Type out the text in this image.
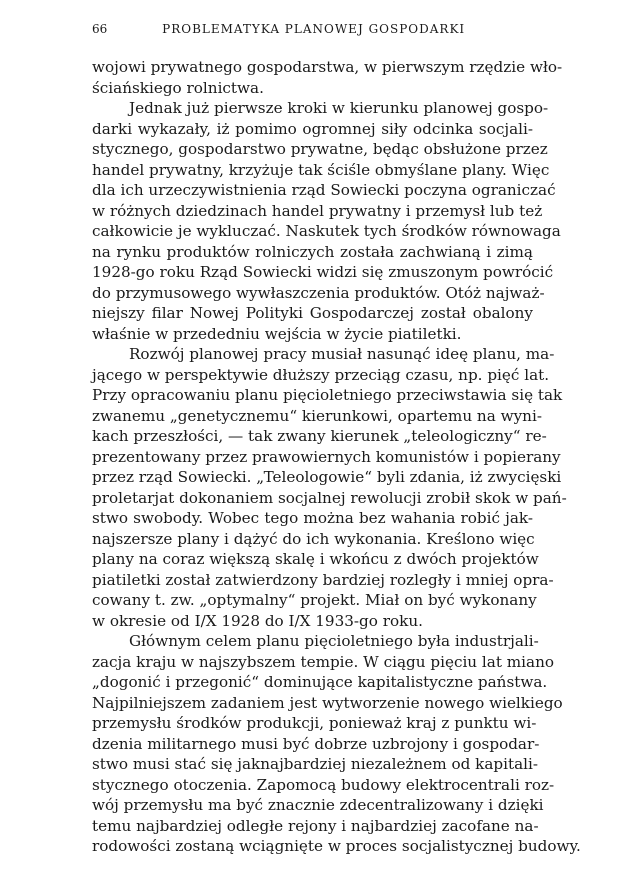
66	PROBLEMATYKA PLANOWEJ GOSPODARKI
wojowi prywatnego gospodarstwa, w pierwszym rzędzie wło-
ściańskiego rolnictwa.
Jednak już pierwsze kroki w kierunku planowej gospo-
darki wykazały, iż pomimo ogromnej siły odcinka socjali-
stycznego, gospodarstwo prywatne, będąc obsłużone przez
handel prywatny, krzyżuje tak ściśle obmyślane plany. Więc
dla ich urzeczywistnienia rząd Sowiecki poczyna ograniczać
w różnych dziedzinach handel prywatny i przemysł lub też
całkowicie je wykluczać. Naskutek tych środków równowaga
na rynku produktów rolniczych została zachwianą i zimą
1928-go roku Rząd Sowiecki widzi się zmuszonym powrócić
do przymusowego wywłaszczenia produktów. Otóż najważ-
niejszy filar Nowej Polityki Gospodarczej został obalony
właśnie w przededniu wejścia w życie piatiletki.
Rozwój planowej pracy musiał nasunąć ideę planu, ma-
jącego w perspektywie dłuższy przeciąg czasu, np. pięć lat.
Przy opracowaniu planu pięcioletniego przeciwstawia się tak
zwanemu „genetycznemu“ kierunkowi, opartemu na wyni-
kach przeszłości, — tak zwany kierunek „teleologiczny“ re-
prezentowany przez prawowiernych komunistów i popierany
przez rząd Sowiecki. „Teleologowie“ byli zdania, iż zwycięski
proletarjat dokonaniem socjalnej rewolucji zrobił skok w pań-
stwo swobody. Wobec tego można bez wahania robić jak-
najszersze plany i dążyć do ich wykonania. Kreślono więc
plany na coraz większą skalę i wkońcu z dwóch projektów
piatiletki został zatwierdzony bardziej rozległy i mniej opra-
cowany t. zw. „optymalny“ projekt. Miał on być wykonany
w okresie od I/X 1928 do I/X 1933-go roku.
Głównym celem planu pięcioletniego była industrjali-
zacja kraju w najszybszem tempie. W ciągu pięciu lat miano
„dogonić i przegonić“ dominujące kapitalistyczne państwa.
Najpilniejszem zadaniem jest wytworzenie nowego wielkiego
przemysłu środków produkcji, ponieważ kraj z punktu wi-
dzenia militarnego musi być dobrze uzbrojony i gospodar-
stwo musi stać się jaknajbardziej niezależnem od kapitali-
stycznego otoczenia. Zapomocą budowy elektrocentrali roz-
wój przemysłu ma być znacznie zdecentralizowany i dzięki
temu najbardziej odległe rejony i najbardziej zacofane na-
rodowości zostaną wciągnięte w proces socjalistycznej budowy.
